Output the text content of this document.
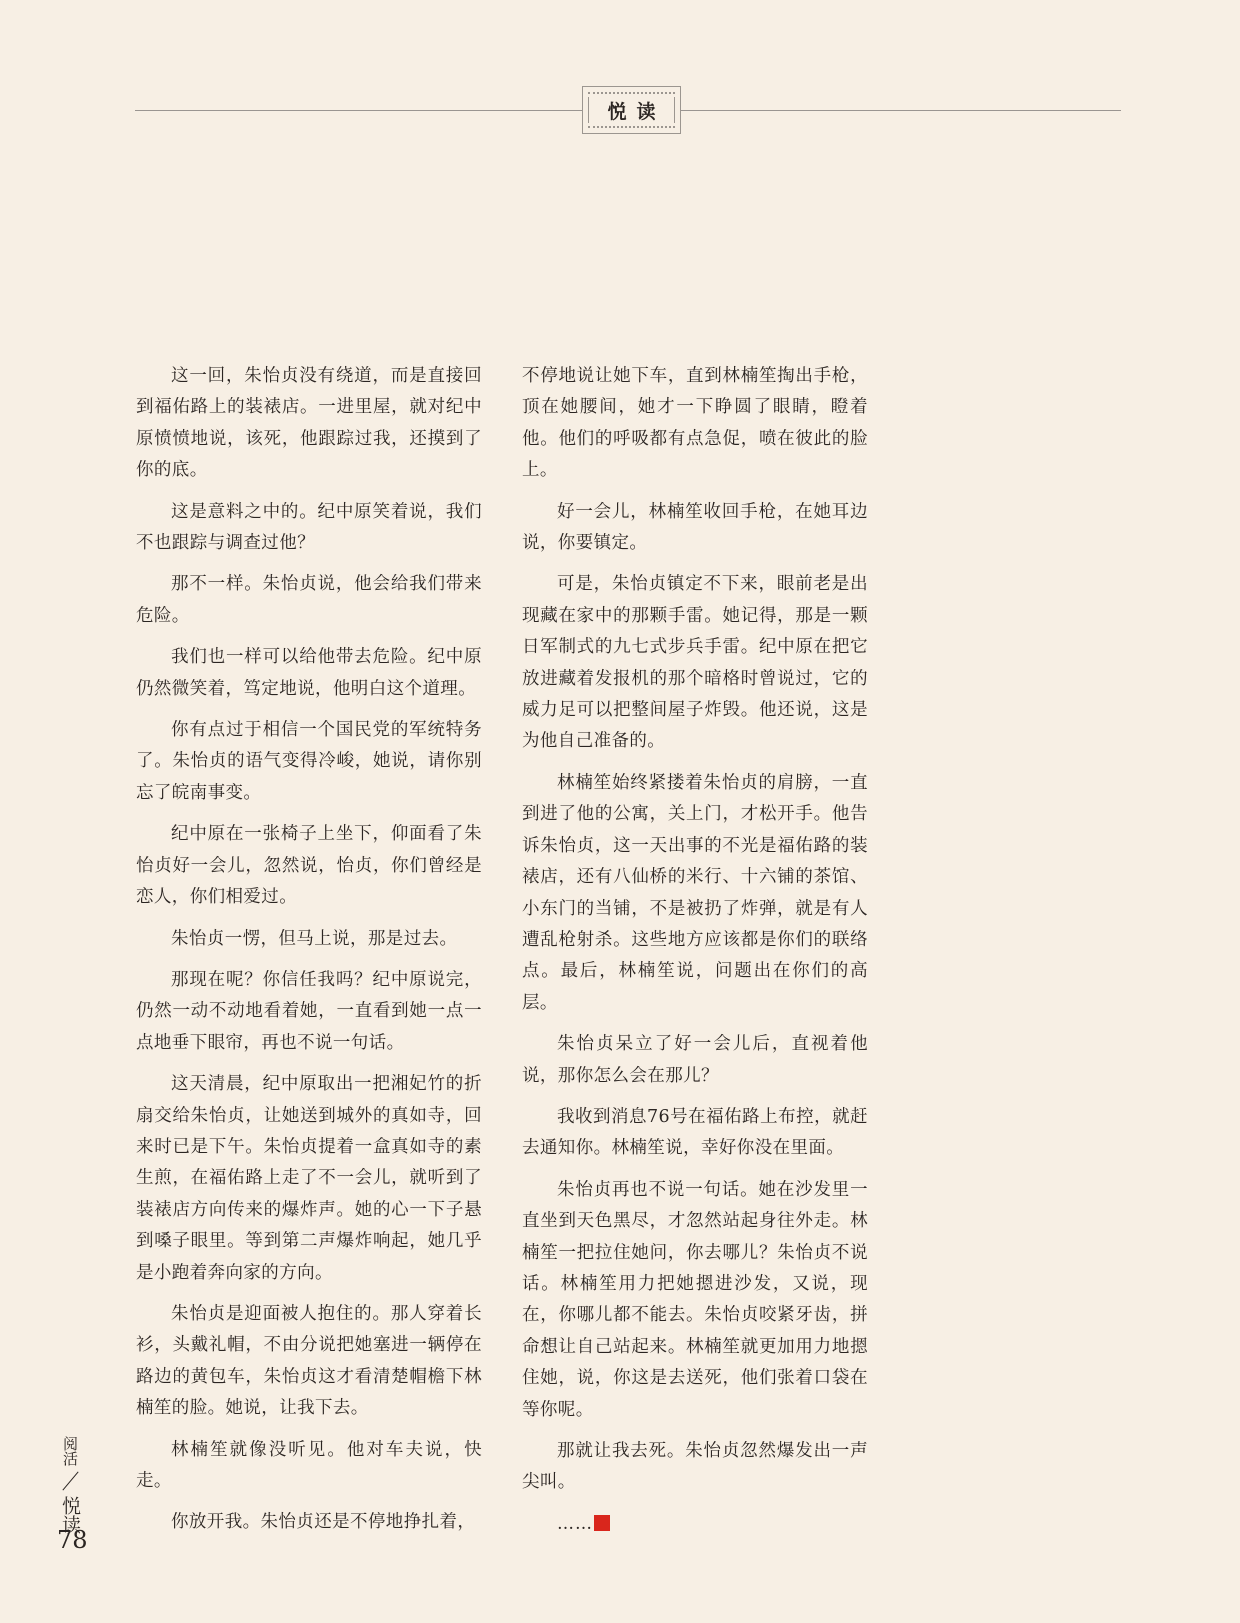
悦读

这一回，朱怡贞没有绕道，而是直接回到福佑路上的装裱店。一进里屋，就对纪中原愤愤地说，该死，他跟踪过我，还摸到了你的底。

这是意料之中的。纪中原笑着说，我们不也跟踪与调查过他？

那不一样。朱怡贞说，他会给我们带来危险。

我们也一样可以给他带去危险。纪中原仍然微笑着，笃定地说，他明白这个道理。

你有点过于相信一个国民党的军统特务了。朱怡贞的语气变得冷峻，她说，请你别忘了皖南事变。

纪中原在一张椅子上坐下，仰面看了朱怡贞好一会儿，忽然说，怡贞，你们曾经是恋人，你们相爱过。

朱怡贞一愣，但马上说，那是过去。

那现在呢？你信任我吗？纪中原说完，仍然一动不动地看着她，一直看到她一点一点地垂下眼帘，再也不说一句话。

这天清晨，纪中原取出一把湘妃竹的折扇交给朱怡贞，让她送到城外的真如寺，回来时已是下午。朱怡贞提着一盒真如寺的素生煎，在福佑路上走了不一会儿，就听到了装裱店方向传来的爆炸声。她的心一下子悬到嗓子眼里。等到第二声爆炸响起，她几乎是小跑着奔向家的方向。

朱怡贞是迎面被人抱住的。那人穿着长衫，头戴礼帽，不由分说把她塞进一辆停在路边的黄包车，朱怡贞这才看清楚帽檐下林楠笙的脸。她说，让我下去。

林楠笙就像没听见。他对车夫说，快走。

你放开我。朱怡贞还是不停地挣扎着，

不停地说让她下车，直到林楠笙掏出手枪，顶在她腰间，她才一下睁圆了眼睛，瞪着他。他们的呼吸都有点急促，喷在彼此的脸上。

好一会儿，林楠笙收回手枪，在她耳边说，你要镇定。

可是，朱怡贞镇定不下来，眼前老是出现藏在家中的那颗手雷。她记得，那是一颗日军制式的九七式步兵手雷。纪中原在把它放进藏着发报机的那个暗格时曾说过，它的威力足可以把整间屋子炸毁。他还说，这是为他自己准备的。

林楠笙始终紧搂着朱怡贞的肩膀，一直到进了他的公寓，关上门，才松开手。他告诉朱怡贞，这一天出事的不光是福佑路的装裱店，还有八仙桥的米行、十六铺的茶馆、小东门的当铺，不是被扔了炸弹，就是有人遭乱枪射杀。这些地方应该都是你们的联络点。最后，林楠笙说，问题出在你们的高层。

朱怡贞呆立了好一会儿后，直视着他说，那你怎么会在那儿？

我收到消息76号在福佑路上布控，就赶去通知你。林楠笙说，幸好你没在里面。

朱怡贞再也不说一句话。她在沙发里一直坐到天色黑尽，才忽然站起身往外走。林楠笙一把拉住她问，你去哪儿？朱怡贞不说话。林楠笙用力把她摁进沙发，又说，现在，你哪儿都不能去。朱怡贞咬紧牙齿，拼命想让自己站起来。林楠笙就更加用力地摁住她，说，你这是去送死，他们张着口袋在等你呢。

那就让我去死。朱怡贞忽然爆发出一声尖叫。

……

阅活
悦读
78
